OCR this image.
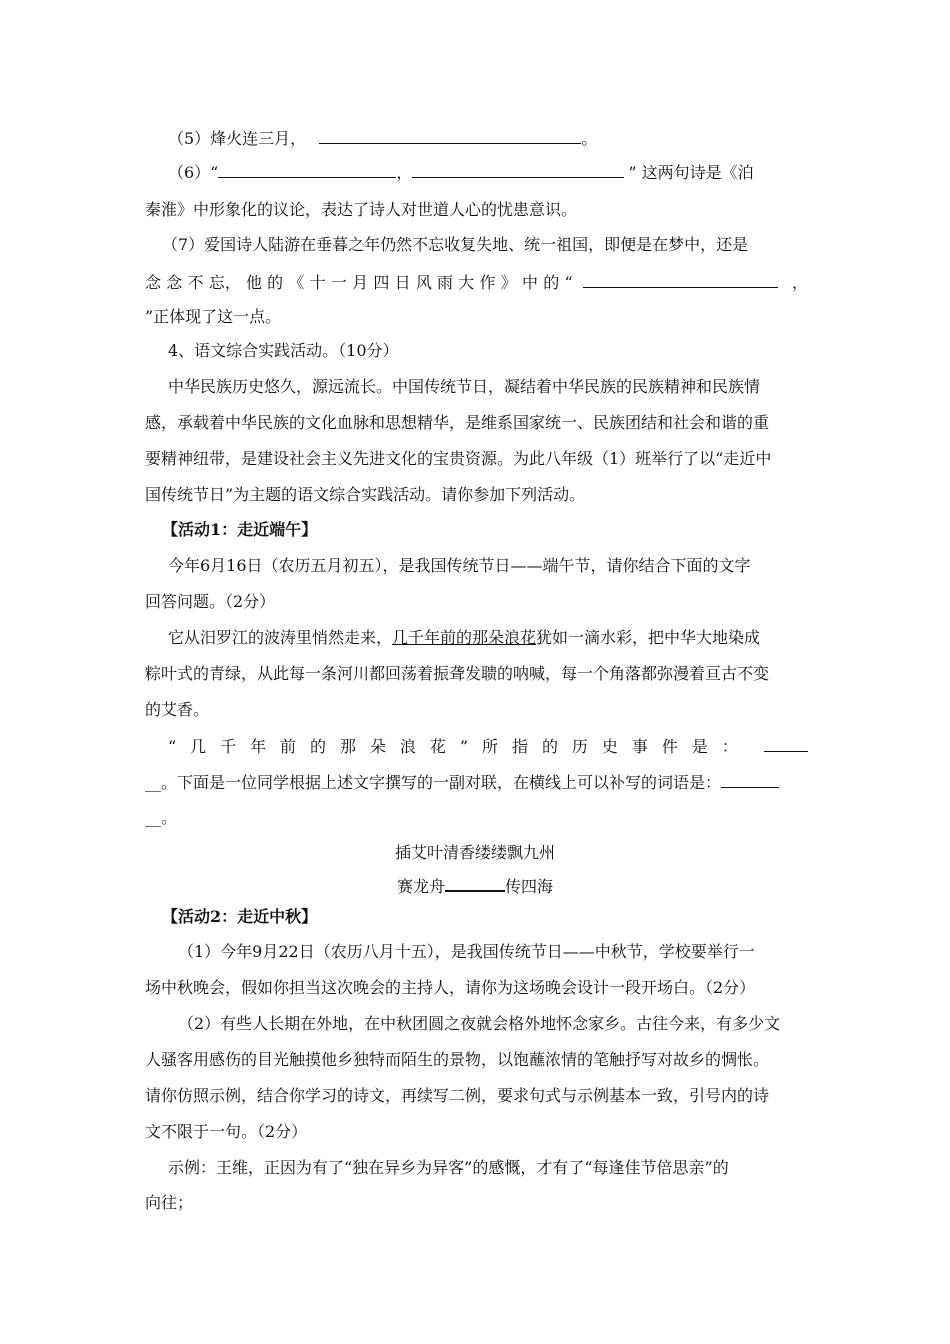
（5）烽火连三月，	。
（6）“	，	” 这两句诗是《泊
秦淮》中形象化的议论，表达了诗人对世道人心的忧患意识。
（7）爱国诗人陆游在垂暮之年仍然不忘收复失地、统一祖国，即便是在梦中，还是
念 念 不 忘， 他 的 《 十 一 月 四 日 风 雨 大 作 》 中 的 “	，
”正体现了这一点。
4、语文综合实践活动。（10分）
中华民族历史悠久，源远流长。中国传统节日，凝结着中华民族的民族精神和民族情
感，承载着中华民族的文化血脉和思想精华，是维系国家统一、民族团结和社会和谐的重
要精神纽带，是建设社会主义先进文化的宝贵资源。为此八年级（1）班举行了以“走近中
国传统节日”为主题的语文综合实践活动。请你参加下列活动。
【活动1：走近端午】
今年6月16日（农历五月初五），是我国传统节日——端午节，请你结合下面的文字
回答问题。（2分）
它从汨罗江的波涛里悄然走来，几千年前的那朵浪花犹如一滴水彩，把中华大地染成
粽叶式的青绿，从此每一条河川都回荡着振聋发聩的呐喊，每一个角落都弥漫着亘古不变
的艾香。
“ 几 千 年 前 的 那 朵 浪 花 ” 所 指 的 历 史 事 件 是 ：
__。下面是一位同学根据上述文字撰写的一副对联，在横线上可以补写的词语是：
__。
插艾叶清香缕缕飘九州
赛龙舟	传四海
【活动2：走近中秋】
（1）今年9月22日（农历八月十五），是我国传统节日——中秋节，学校要举行一
场中秋晚会，假如你担当这次晚会的主持人，请你为这场晚会设计一段开场白。（2分）
（2）有些人长期在外地，在中秋团圆之夜就会格外地怀念家乡。古往今来，有多少文
人骚客用感伤的目光触摸他乡独特而陌生的景物，以饱蘸浓情的笔触抒写对故乡的惆怅。
请你仿照示例，结合你学习的诗文，再续写二例，要求句式与示例基本一致，引号内的诗
文不限于一句。（2分）
示例：王维，正因为有了“独在异乡为异客”的感慨，才有了“每逢佳节倍思亲”的
向往；
